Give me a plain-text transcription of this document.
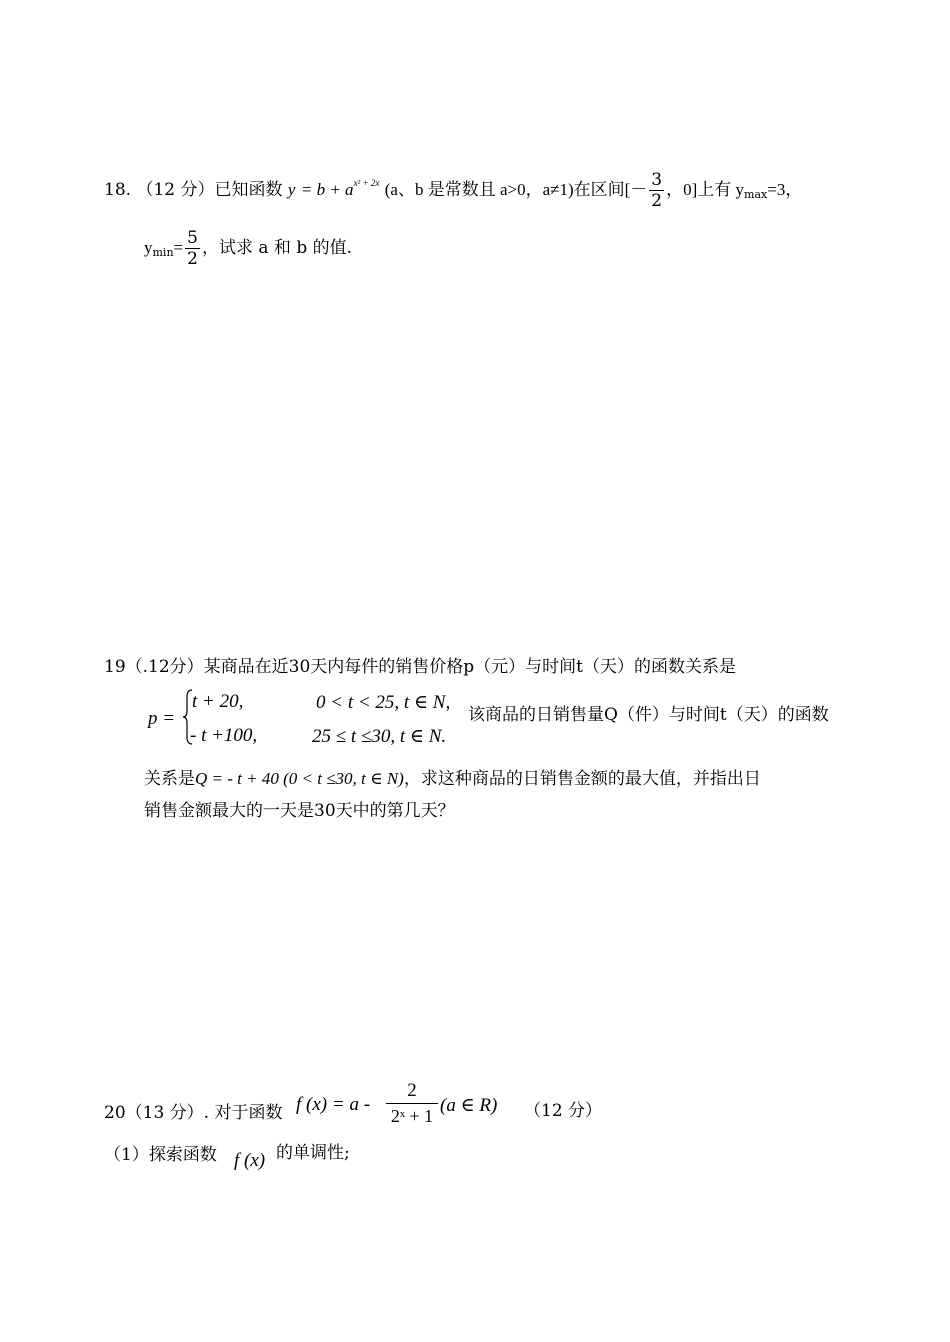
18. （12 分）已知函数 $y = b + a^{x^2 + 2x}$ (a、b 是常数且 a>0，a≠1)在区间[－ $\frac{3}{2}$ ，0]上有 $y_{max}=3$，
$y_{min}= \frac{5}{2}$ ，试求 a 和 b 的值.
19（.12分）某商品在近30天内每件的销售价格p（元）与时间t（天）的函数关系是
p =
t + 20,	0 < t < 25, t ∈ N,
- t +100,	25 ≤ t ≤30, t ∈ N.
该商品的日销售量Q（件）与时间t（天）的函数
关系是Q = - t + 40 (0 < t ≤30, t ∈ N)，求这种商品的日销售金额的最大值，并指出日
销售金额最大的一天是30天中的第几天？
20（13 分）. 对于函数 f $(x) = a - \frac{2}{\text{2ˣ + 1}} (a$ ∈ R) （12 分）
（1）探索函数 f (x) 的单调性;
